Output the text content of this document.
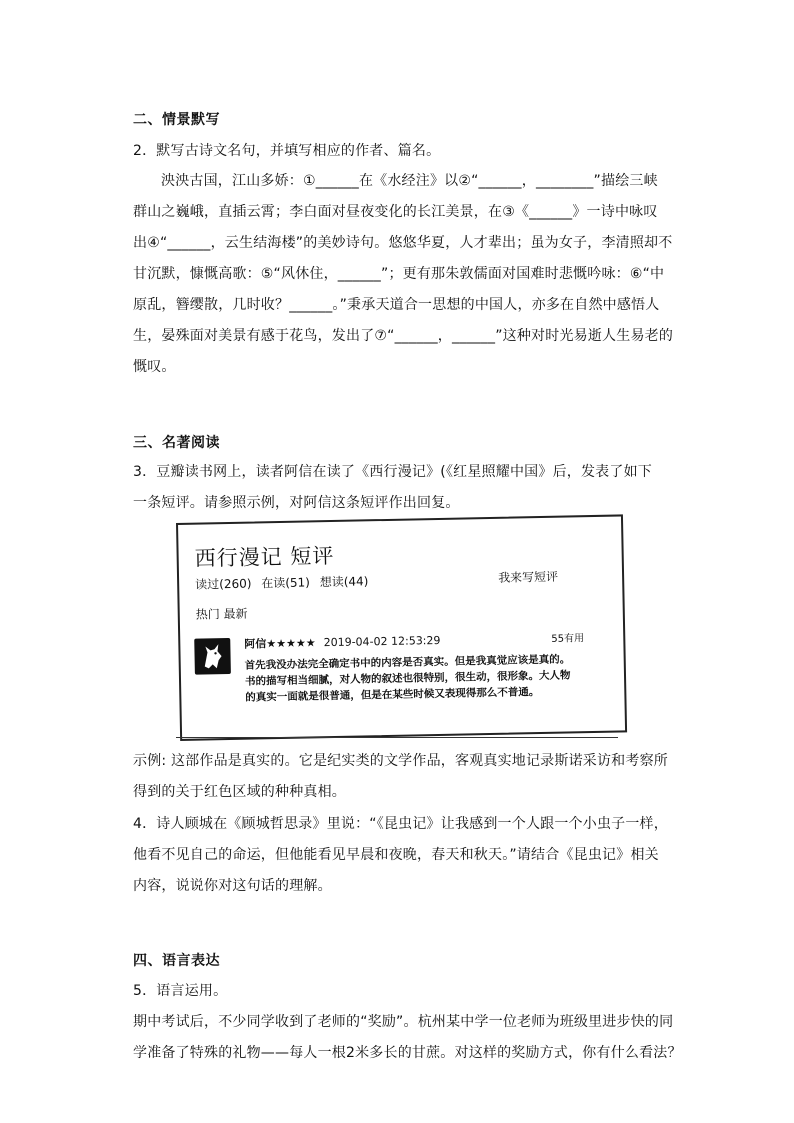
二、情景默写
2．默写古诗文名句，并填写相应的作者、篇名。
泱泱古国，江山多娇：①______在《水经注》以②“______，________”描绘三峡
群山之巍峨，直插云霄；李白面对昼夜变化的长江美景，在③《______》一诗中咏叹
出④“______，云生结海楼”的美妙诗句。悠悠华夏，人才辈出；虽为女子，李清照却不
甘沉默，慷慨高歌：⑤“风休住，______”；更有那朱敦儒面对国难时悲慨吟咏：⑥“中
原乱，簪缨散，几时收？______。”秉承天道合一思想的中国人，亦多在自然中感悟人
生，晏殊面对美景有感于花鸟，发出了⑦“______，______”这种对时光易逝人生易老的
慨叹。
三、名著阅读
3．豆瓣读书网上，读者阿信在读了《西行漫记》(《红星照耀中国》后，发表了如下
一条短评。请参照示例，对阿信这条短评作出回复。
西行漫记 短评
读过(260) 在读(51) 想读(44)	我来写短评
热门 最新
阿信★★★★★ 2019-04-02 12:53:29	55有用
首先我没办法完全确定书中的内容是否真实。但是我真觉应该是真的。
书的描写相当细腻，对人物的叙述也很特别，很生动，很形象。大人物
的真实一面就是很普通，但是在某些时候又表现得那么不普通。
示例: 这部作品是真实的。它是纪实类的文学作品，客观真实地记录斯诺采访和考察所
得到的关于红色区域的种种真相。
4．诗人顾城在《顾城哲思录》里说：“《昆虫记》让我感到一个人跟一个小虫子一样，
他看不见自己的命运，但他能看见早晨和夜晚，春天和秋天。”请结合《昆虫记》相关
内容，说说你对这句话的理解。
四、语言表达
5．语言运用。
期中考试后，不少同学收到了老师的“奖励”。杭州某中学一位老师为班级里进步快的同
学准备了特殊的礼物——每人一根2米多长的甘蔗。对这样的奖励方式，你有什么看法？
